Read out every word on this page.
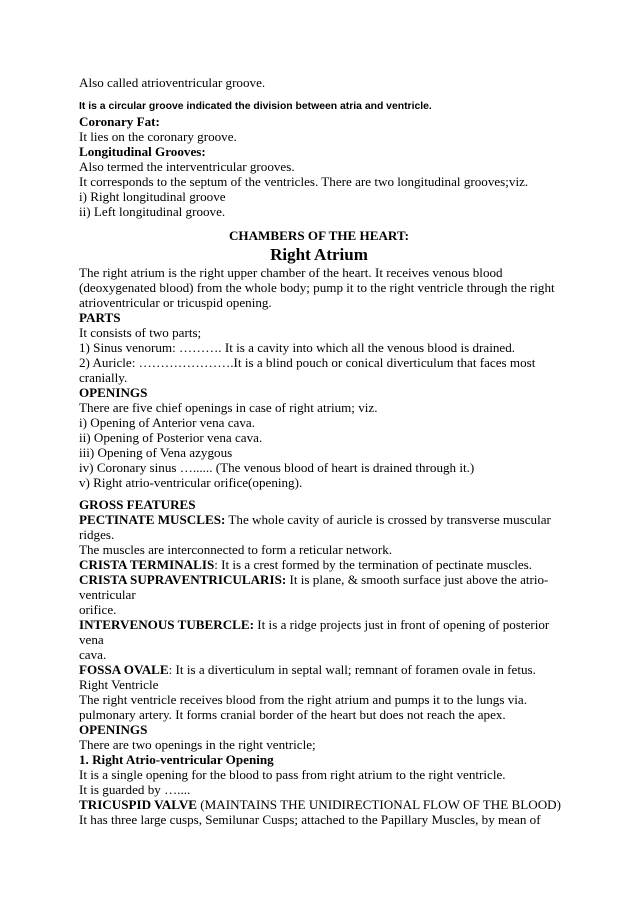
Also called atrioventricular groove.
It is a circular groove indicated the division between atria and ventricle.
Coronary Fat:
It lies on the coronary groove.
Longitudinal Grooves:
Also termed the interventricular grooves.
It corresponds to the septum of the ventricles. There are two longitudinal grooves;viz.
i) Right longitudinal groove
ii) Left longitudinal groove.
CHAMBERS OF THE HEART:
Right Atrium
The right atrium is the right upper chamber of the heart. It receives venous blood
(deoxygenated blood) from the whole body; pump it to the right ventricle through the right
atrioventricular or tricuspid opening.
PARTS
It consists of two parts;
1) Sinus venorum: ………. It is a cavity into which all the venous blood is drained.
2) Auricle: ………………….It is a blind pouch or conical diverticulum that faces most
cranially.
OPENINGS
There are five chief openings in case of right atrium; viz.
i) Opening of Anterior vena cava.
ii) Opening of Posterior vena cava.
iii) Opening of Vena azygous
iv) Coronary sinus …...... (The venous blood of heart is drained through it.)
v) Right atrio-ventricular orifice(opening).
GROSS FEATURES
PECTINATE MUSCLES: The whole cavity of auricle is crossed by transverse muscular
ridges.
The muscles are interconnected to form a reticular network.
CRISTA TERMINALIS: It is a crest formed by the termination of pectinate muscles.
CRISTA SUPRAVENTRICULARIS: It is plane, & smooth surface just above the atrio-
ventricular
orifice.
INTERVENOUS TUBERCLE: It is a ridge projects just in front of opening of posterior
vena
cava.
FOSSA OVALE: It is a diverticulum in septal wall; remnant of foramen ovale in fetus.
Right Ventricle
The right ventricle receives blood from the right atrium and pumps it to the lungs via.
pulmonary artery. It forms cranial border of the heart but does not reach the apex.
OPENINGS
There are two openings in the right ventricle;
1. Right Atrio-ventricular Opening
It is a single opening for the blood to pass from right atrium to the right ventricle.
It is guarded by …....
TRICUSPID VALVE (MAINTAINS THE UNIDIRECTIONAL FLOW OF THE BLOOD)
It has three large cusps, Semilunar Cusps; attached to the Papillary Muscles, by mean of
